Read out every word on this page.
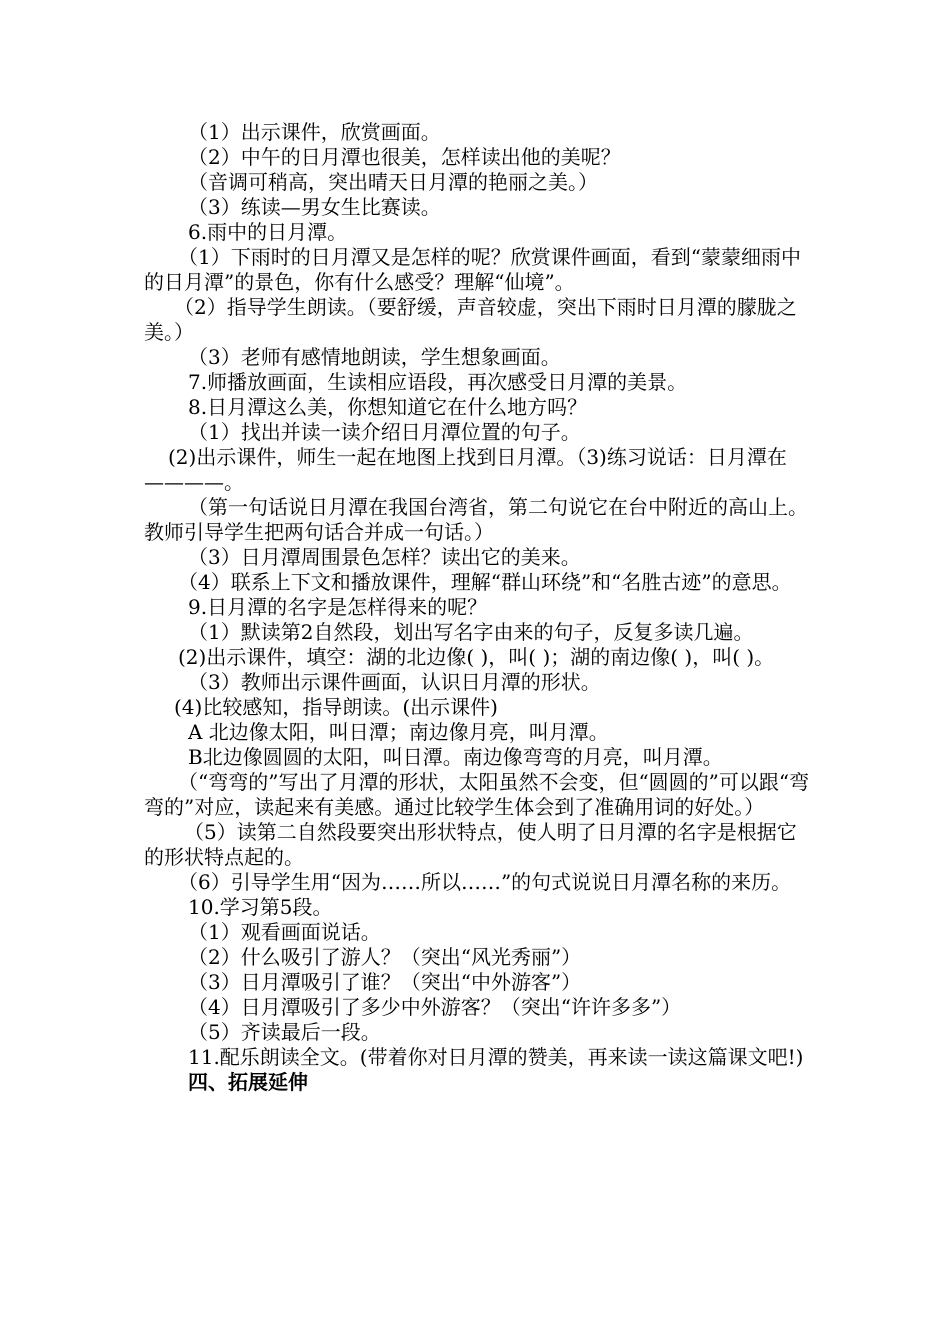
（1）出示课件，欣赏画面。

（2）中午的日月潭也很美，怎样读出他的美呢？

（音调可稍高，突出晴天日月潭的艳丽之美。）

（3）练读—男女生比赛读。

6.雨中的日月潭。

（1）下雨时的日月潭又是怎样的呢？欣赏课件画面，看到“蒙蒙细雨中的日月潭”的景色，你有什么感受？理解“仙境”。

（2）指导学生朗读。（要舒缓，声音较虚，突出下雨时日月潭的朦胧之美。）

（3）老师有感情地朗读，学生想象画面。

7.师播放画面，生读相应语段，再次感受日月潭的美景。

8.日月潭这么美，你想知道它在什么地方吗？

（1）找出并读一读介绍日月潭位置的句子。

(2)出示课件，师生一起在地图上找到日月潭。（3)练习说话：日月潭在————。

（第一句话说日月潭在我国台湾省，第二句说它在台中附近的高山上。教师引导学生把两句话合并成一句话。）

（3）日月潭周围景色怎样？读出它的美来。

（4）联系上下文和播放课件，理解“群山环绕”和“名胜古迹”的意思。

9.日月潭的名字是怎样得来的呢？

（1）默读第2自然段，划出写名字由来的句子，反复多读几遍。

(2)出示课件，填空：湖的北边像( )，叫( )；湖的南边像( )，叫( )。

（3）教师出示课件画面，认识日月潭的形状。

(4)比较感知，指导朗读。(出示课件)

A 北边像太阳，叫日潭；南边像月亮，叫月潭。

B北边像圆圆的太阳，叫日潭。南边像弯弯的月亮，叫月潭。

（“弯弯的”写出了月潭的形状，太阳虽然不会变，但“圆圆的”可以跟“弯弯的”对应，读起来有美感。通过比较学生体会到了准确用词的好处。）

（5）读第二自然段要突出形状特点，使人明了日月潭的名字是根据它的形状特点起的。

（6）引导学生用“因为……所以……”的句式说说日月潭名称的来历。

10.学习第5段。

（1）观看画面说话。

（2）什么吸引了游人？（突出“风光秀丽”）

（3）日月潭吸引了谁？（突出“中外游客”）

（4）日月潭吸引了多少中外游客？（突出“许许多多”）

（5）齐读最后一段。

11.配乐朗读全文。(带着你对日月潭的赞美，再来读一读这篇课文吧!)

四、拓展延伸
